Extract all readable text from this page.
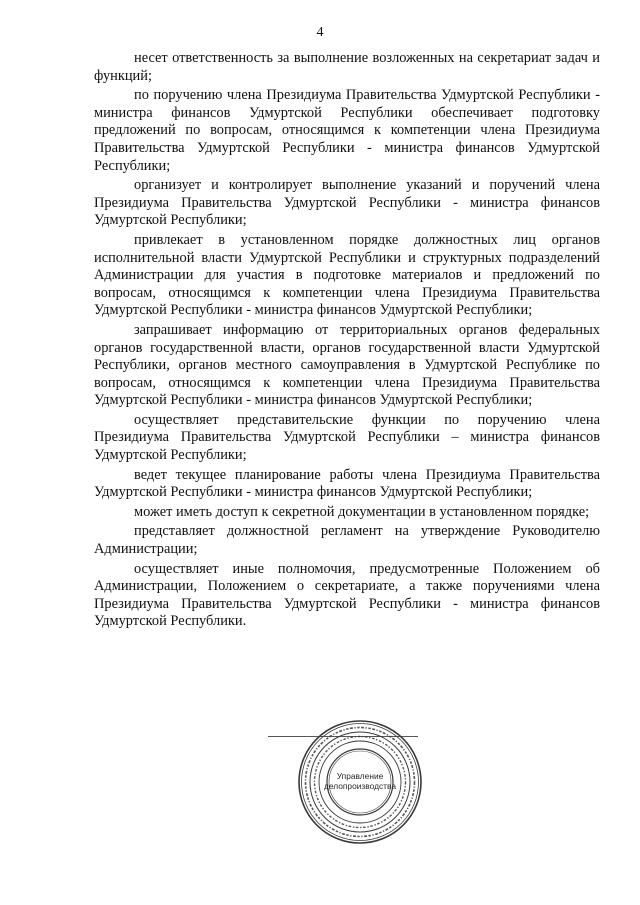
4

несет ответственность за выполнение возложенных на секретариат задач и функций;

по поручению члена Президиума Правительства Удмуртской Республики - министра финансов Удмуртской Республики обеспечивает подготовку предложений по вопросам, относящимся к компетенции члена Президиума Правительства Удмуртской Республики - министра финансов Удмуртской Республики;

организует и контролирует выполнение указаний и поручений члена Президиума Правительства Удмуртской Республики - министра финансов Удмуртской Республики;

привлекает в установленном порядке должностных лиц органов исполнительной власти Удмуртской Республики и структурных подразделений Администрации для участия в подготовке материалов и предложений по вопросам, относящимся к компетенции члена Президиума Правительства Удмуртской Республики - министра финансов Удмуртской Республики;

запрашивает информацию от территориальных органов федеральных органов государственной власти, органов государственной власти Удмуртской Республики, органов местного самоуправления в Удмуртской Республике по вопросам, относящимся к компетенции члена Президиума Правительства Удмуртской Республики - министра финансов Удмуртской Республики;

осуществляет представительские функции по поручению члена Президиума Правительства Удмуртской Республики – министра финансов Удмуртской Республики;

ведет текущее планирование работы члена Президиума Правительства Удмуртской Республики - министра финансов Удмуртской Республики;

может иметь доступ к секретной документации в установленном порядке;

представляет должностной регламент на утверждение Руководителю Администрации;

осуществляет иные полномочия, предусмотренные Положением об Администрации, Положением о секретариате, а также поручениями члена Президиума Правительства Удмуртской Республики - министра финансов Удмуртской Республики.

Управление
делопроизводства
